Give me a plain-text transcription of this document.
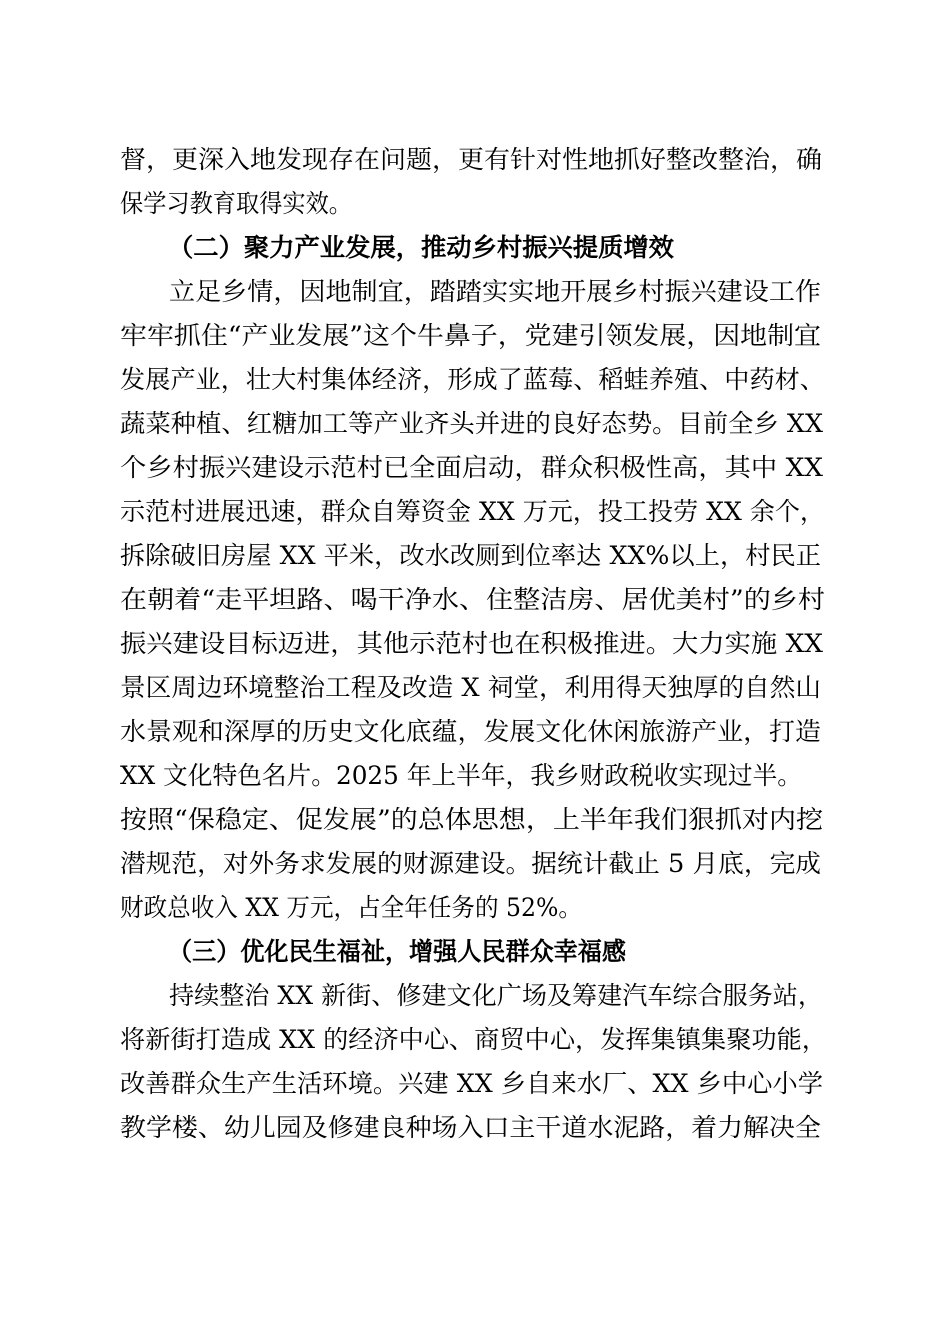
督，更深入地发现存在问题，更有针对性地抓好整改整治，确
保学习教育取得实效。
（二）聚力产业发展，推动乡村振兴提质增效
立足乡情，因地制宜，踏踏实实地开展乡村振兴建设工作
牢牢抓住“产业发展”这个牛鼻子，党建引领发展，因地制宜
发展产业，壮大村集体经济，形成了蓝莓、稻蛙养殖、中药材、
蔬菜种植、红糖加工等产业齐头并进的良好态势。目前全乡 XX
个乡村振兴建设示范村已全面启动，群众积极性高，其中 XX
示范村进展迅速，群众自筹资金 XX 万元，投工投劳 XX 余个，
拆除破旧房屋 XX 平米，改水改厕到位率达 XX%以上，村民正
在朝着“走平坦路、喝干净水、住整洁房、居优美村”的乡村
振兴建设目标迈进，其他示范村也在积极推进。大力实施 XX
景区周边环境整治工程及改造 X 祠堂，利用得天独厚的自然山
水景观和深厚的历史文化底蕴，发展文化休闲旅游产业，打造
XX 文化特色名片。2025 年上半年，我乡财政税收实现过半。
按照“保稳定、促发展”的总体思想，上半年我们狠抓对内挖
潜规范，对外务求发展的财源建设。据统计截止 5 月底，完成
财政总收入 XX 万元，占全年任务的 52%。
（三）优化民生福祉，增强人民群众幸福感
持续整治 XX 新街、修建文化广场及筹建汽车综合服务站，
将新街打造成 XX 的经济中心、商贸中心，发挥集镇集聚功能，
改善群众生产生活环境。兴建 XX 乡自来水厂、XX 乡中心小学
教学楼、幼儿园及修建良种场入口主干道水泥路，着力解决全
